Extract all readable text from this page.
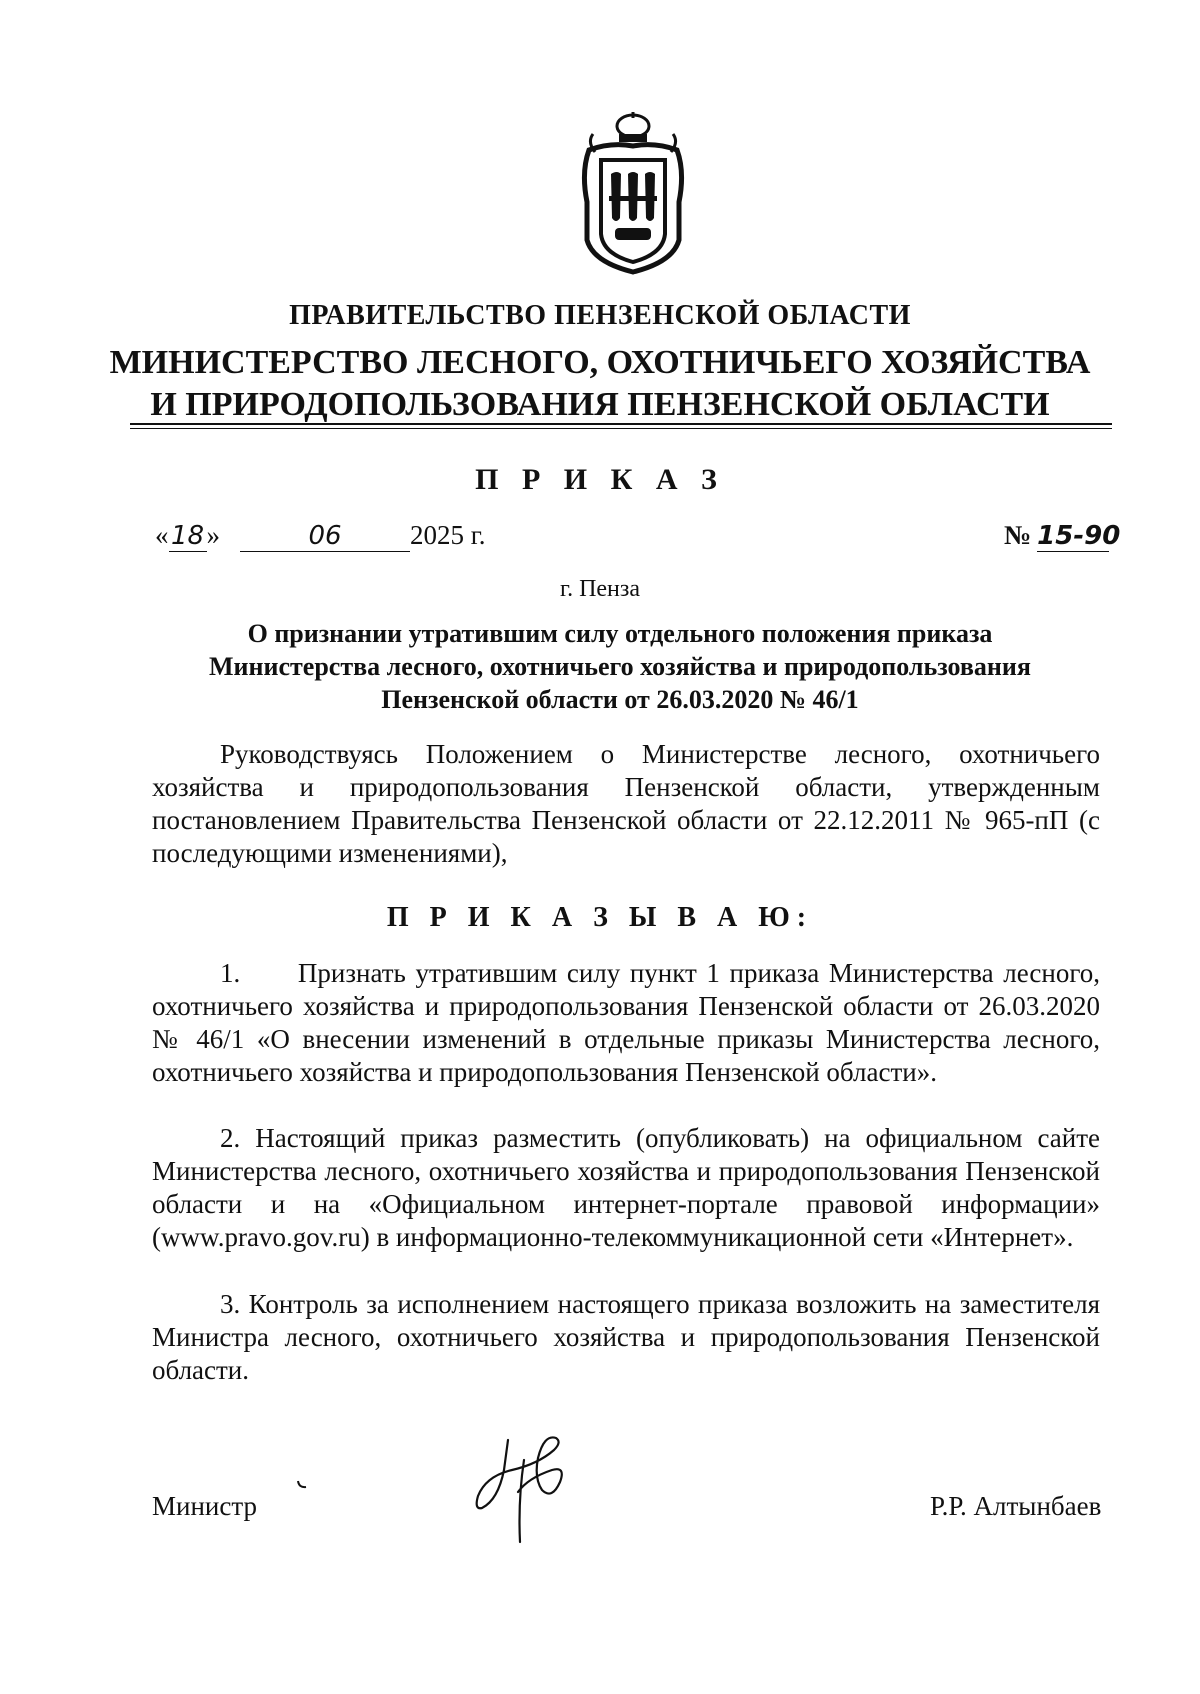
ПРАВИТЕЛЬСТВО ПЕНЗЕНСКОЙ ОБЛАСТИ
МИНИСТЕРСТВО ЛЕСНОГО, ОХОТНИЧЬЕГО ХОЗЯЙСТВА
И ПРИРОДОПОЛЬЗОВАНИЯ ПЕНЗЕНСКОЙ ОБЛАСТИ
П Р И К А З
«18»	06	2025 г.	№ 15-90
г. Пенза
О признании утратившим силу отдельного положения приказа
Министерства лесного, охотничьего хозяйства и природопользования
Пензенской области от 26.03.2020 № 46/1
Руководствуясь Положением о Министерстве лесного, охотничьего хозяйства и природопользования Пензенской области, утвержденным постановлением Правительства Пензенской области от 22.12.2011 № 965-пП (с последующими изменениями),
П Р И К А З Ы В А Ю:
1.      Признать утратившим силу пункт 1 приказа Министерства лесного, охотничьего хозяйства и природопользования Пензенской области от 26.03.2020 № 46/1 «О внесении изменений в отдельные приказы Министерства лесного, охотничьего хозяйства и природопользования Пензенской области».
2. Настоящий приказ разместить (опубликовать) на официальном сайте Министерства лесного, охотничьего хозяйства и природопользования Пензенской области и на «Официальном интернет-портале правовой информации» (www.pravo.gov.ru) в информационно-телекоммуникационной сети «Интернет».
3. Контроль за исполнением настоящего приказа возложить на заместителя Министра лесного, охотничьего хозяйства и природопользования Пензенской области.
Министр	Р.Р. Алтынбаев
